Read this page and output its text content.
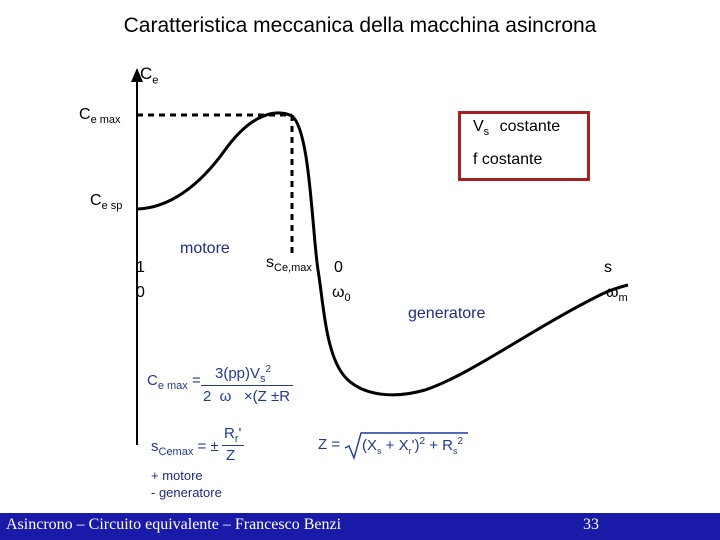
Caratteristica meccanica della macchina asincrona
$C_e$
$C_{e max}$
$C_{e sp}$
$V_s$ costante
f costante
1
0
motore
$s_{Ce,max}$ 0
$\omega_0$
s
$\omega_m$
generatore
$C_{e max} = 3(pp)V_s^2$
2  ω   ×(Z ±R
$s_{Cemax}$ = ±
$R_r'$
Z
$Z = (X_s + X_r')^2 + R_s^2$
+ motore
- generatore
Asincrono – Circuito equivalente – Francesco Benzi	33
